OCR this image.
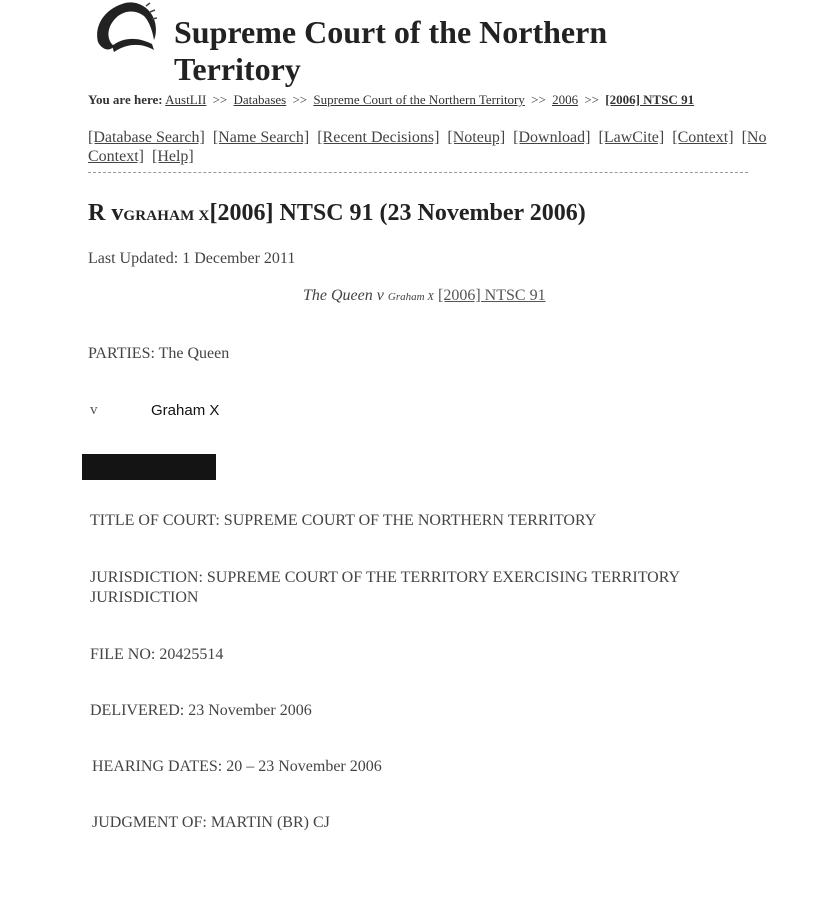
Supreme Court of the Northern Territory
You are here: AustLII >> Databases >> Supreme Court of the Northern Territory >> 2006 >> [2006] NTSC 91
[Database Search] [Name Search] [Recent Decisions] [Noteup] [Download] [LawCite] [Context] [No Context] [Help]
R vGRAHAM X[2006] NTSC 91 (23 November 2006)
Last Updated: 1 December 2011
The Queen v Graham X [2006] NTSC 91
PARTIES: The Queen
v	Graham X
TITLE OF COURT: SUPREME COURT OF THE NORTHERN TERRITORY
JURISDICTION: SUPREME COURT OF THE TERRITORY EXERCISING TERRITORY JURISDICTION
FILE NO: 20425514
DELIVERED: 23 November 2006
HEARING DATES: 20 – 23 November 2006
JUDGMENT OF: MARTIN (BR) CJ
